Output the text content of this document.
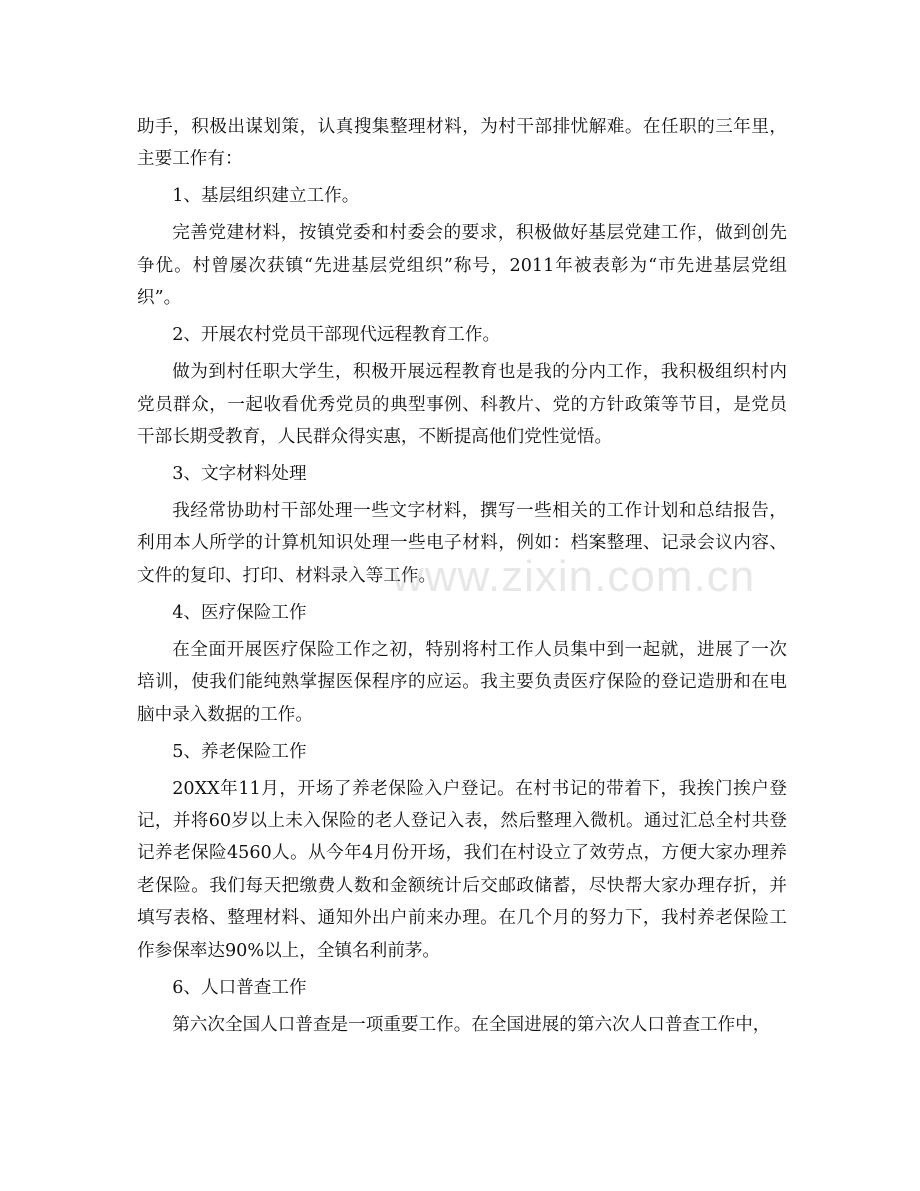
助手，积极出谋划策，认真搜集整理材料，为村干部排忧解难。在任职的三年里，主要工作有：

1、基层组织建立工作。

完善党建材料，按镇党委和村委会的要求，积极做好基层党建工作，做到创先争优。村曾屡次获镇“先进基层党组织”称号，2011年被表彰为“市先进基层党组织”。

2、开展农村党员干部现代远程教育工作。

做为到村任职大学生，积极开展远程教育也是我的分内工作，我积极组织村内党员群众，一起收看优秀党员的典型事例、科教片、党的方针政策等节目，是党员干部长期受教育，人民群众得实惠，不断提高他们党性觉悟。

3、文字材料处理

我经常协助村干部处理一些文字材料，撰写一些相关的工作计划和总结报告，利用本人所学的计算机知识处理一些电子材料，例如：档案整理、记录会议内容、文件的复印、打印、材料录入等工作。

4、医疗保险工作

在全面开展医疗保险工作之初，特别将村工作人员集中到一起就，进展了一次培训，使我们能纯熟掌握医保程序的应运。我主要负责医疗保险的登记造册和在电脑中录入数据的工作。

5、养老保险工作

20XX年11月，开场了养老保险入户登记。在村书记的带着下，我挨门挨户登记，并将60岁以上未入保险的老人登记入表，然后整理入微机。通过汇总全村共登记养老保险4560人。从今年4月份开场，我们在村设立了效劳点，方便大家办理养老保险。我们每天把缴费人数和金额统计后交邮政储蓄，尽快帮大家办理存折，并填写表格、整理材料、通知外出户前来办理。在几个月的努力下，我村养老保险工作参保率达90%以上，全镇名利前茅。

6、人口普查工作

第六次全国人口普查是一项重要工作。在全国进展的第六次人口普查工作中，

www.zixin.com.cn
